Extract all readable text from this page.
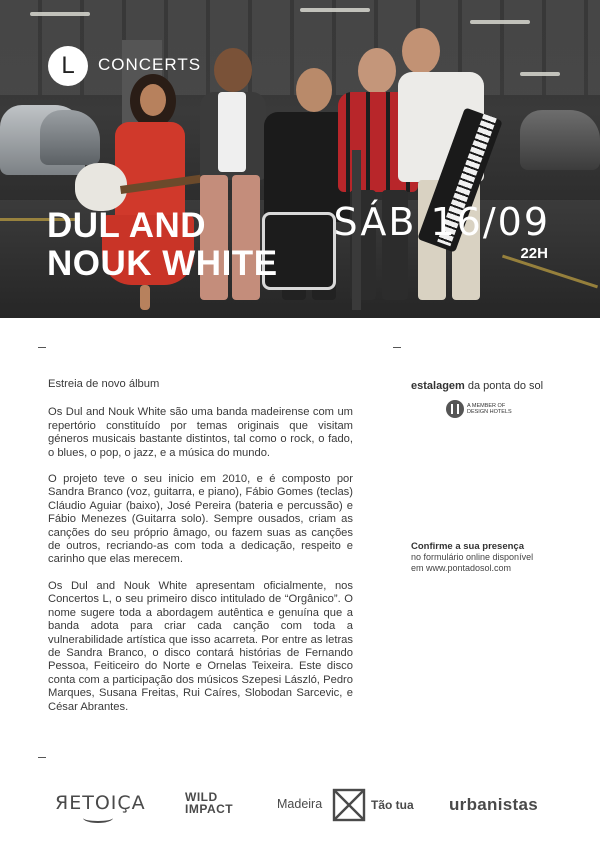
L CONCERTS
DUL AND
NOUK WHITE
SÁB 16/09
22H

Estreia de novo álbum

Os Dul and Nouk White são uma banda madeirense com um repertório constituído por temas originais que visitam géneros musicais bastante distintos, tal como o rock, o fado, o blues, o pop, o jazz, e a música do mundo.

O projeto teve o seu inicio em 2010, e é composto por Sandra Branco (voz, guitarra, e piano), Fábio Gomes (teclas) Cláudio Aguiar (baixo), José Pereira (bateria e percussão) e Fábio Menezes (Guitarra solo). Sempre ousados, criam as canções do seu próprio âmago, ou fazem suas as canções de outros, recriando-as com toda a dedicação, respeito e carinho que elas merecem.

Os Dul and Nouk White apresentam oficialmente, nos Concertos L, o seu primeiro disco intitulado de “Orgânico”. O nome sugere toda a abordagem autêntica e genuína que a banda adota para criar cada canção com toda a vulnerabilidade artística que isso acarreta. Por entre as letras de Sandra Branco, o disco contará histórias de Fernando Pessoa, Feiticeiro do Norte e Ornelas Teixeira. Este disco conta com a participação dos músicos Szepesi László, Pedro Marques, Susana Freitas, Rui Caíres, Slobodan Sarcevic, e César Abrantes.

estalagem da ponta do sol
A MEMBER OF
DESIGN HOTELS
Confirme a sua presença
no formulário online disponível
em www.pontadosol.com
ЯETOIÇA	WILD
IMPACT	Madeira	Tão tua urbanistas
